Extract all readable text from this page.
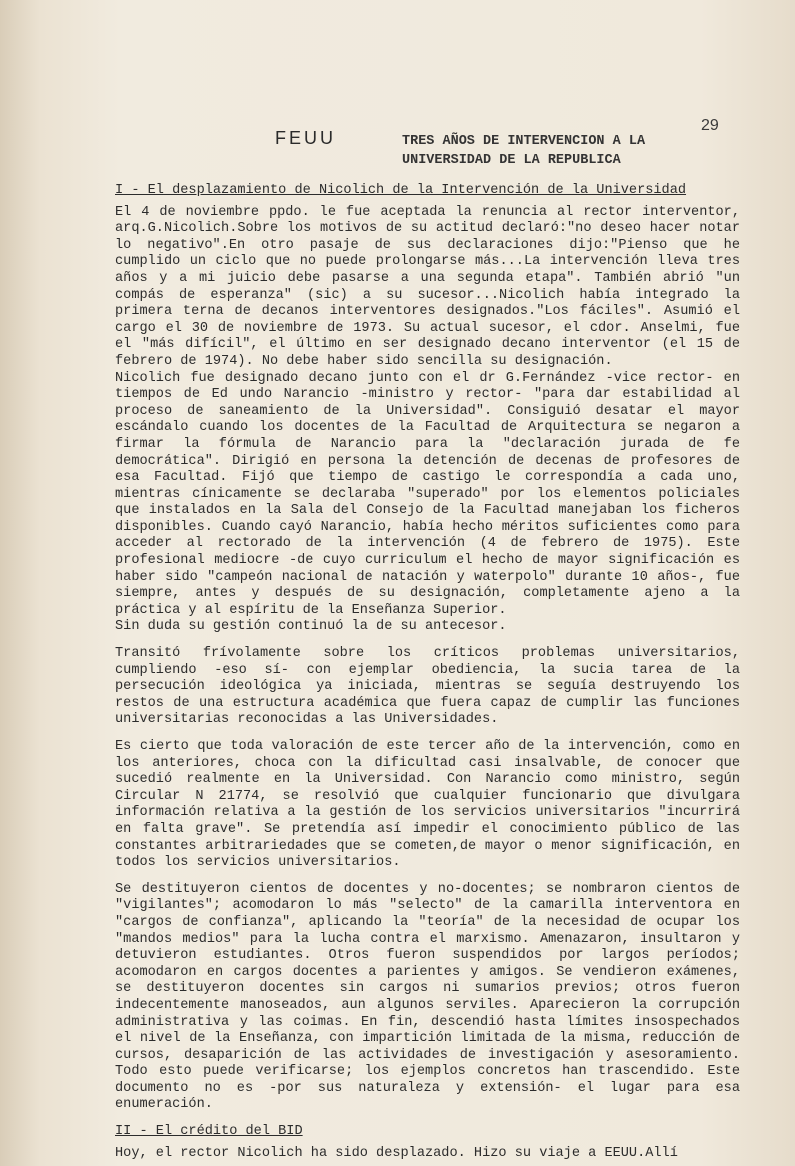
FEUU	TRES AÑOS DE INTERVENCION A LA UNIVERSIDAD DE LA REPUBLICA
29
I - El desplazamiento de Nicolich de la Intervención de la Universidad

El 4 de noviembre ppdo. le fue aceptada la renuncia al rector interventor, arq.G.Nicolich.Sobre los motivos de su actitud declaró:"no deseo hacer notar lo negativo".En otro pasaje de sus declaraciones dijo:"Pienso que he cumplido un ciclo que no puede prolongarse más...La intervención lleva tres años y a mi juicio debe pasarse a una segunda etapa". También abrió "un compás de esperanza" (sic) a su sucesor...Nicolich había integrado la primera terna de decanos interventores designados."Los fáciles". Asumió el cargo el 30 de noviembre de 1973. Su actual sucesor, el cdor. Anselmi, fue el "más difícil", el último en ser designado decano interventor (el 15 de febrero de 1974). No debe haber sido sencilla su designación.

Nicolich fue designado decano junto con el dr G.Fernández -vice rector- en tiempos de Ed undo Narancio -ministro y rector- "para dar estabilidad al proceso de saneamiento de la Universidad". Consiguió desatar el mayor escándalo cuando los docentes de la Facultad de Arquitectura se negaron a firmar la fórmula de Narancio para la "declaración jurada de fe democrática". Dirigió en persona la detención de decenas de profesores de esa Facultad. Fijó que tiempo de castigo le correspondía a cada uno, mientras cínicamente se declaraba "superado" por los elementos policiales que instalados en la Sala del Consejo de la Facultad manejaban los ficheros disponibles. Cuando cayó Narancio, había hecho méritos suficientes como para acceder al rectorado de la intervención (4 de febrero de 1975). Este profesional mediocre -de cuyo curriculum el hecho de mayor significación es haber sido "campeón nacional de natación y waterpolo" durante 10 años-, fue siempre, antes y después de su designación, completamente ajeno a la práctica y al espíritu de la Enseñanza Superior.

Sin duda su gestión continuó la de su antecesor.

Transitó frívolamente sobre los críticos problemas universitarios, cumpliendo -eso sí- con ejemplar obediencia, la sucia tarea de la persecución ideológica ya iniciada, mientras se seguía destruyendo los restos de una estructura académica que fuera capaz de cumplir las funciones universitarias reconocidas a las Universidades.

Es cierto que toda valoración de este tercer año de la intervención, como en los anteriores, choca con la dificultad casi insalvable, de conocer que sucedió realmente en la Universidad. Con Narancio como ministro, según Circular N 21774, se resolvió que cualquier funcionario que divulgara información relativa a la gestión de los servicios universitarios "incurrirá en falta grave". Se pretendía así impedir el conocimiento público de las constantes arbitrariedades que se cometen,de mayor o menor significación, en todos los servicios universitarios.

Se destituyeron cientos de docentes y no-docentes; se nombraron cientos de "vigilantes"; acomodaron lo más "selecto" de la camarilla interventora en "cargos de confianza", aplicando la "teoría" de la necesidad de ocupar los "mandos medios" para la lucha contra el marxismo. Amenazaron, insultaron y detuvieron estudiantes. Otros fueron suspendidos por largos períodos; acomodaron en cargos docentes a parientes y amigos. Se vendieron exámenes, se destituyeron docentes sin cargos ni sumarios previos; otros fueron indecentemente manoseados, aun algunos serviles. Aparecieron la corrupción administrativa y las coimas. En fin, descendió hasta límites insospechados el nivel de la Enseñanza, con impartición limitada de la misma, reducción de cursos, desaparición de las actividades de investigación y asesoramiento. Todo esto puede verificarse; los ejemplos concretos han trascendido. Este documento no es -por sus naturaleza y extensión- el lugar para esa enumeración.

II - El crédito del BID

Hoy, el rector Nicolich ha sido desplazado. Hizo su viaje a EEUU.Allí
